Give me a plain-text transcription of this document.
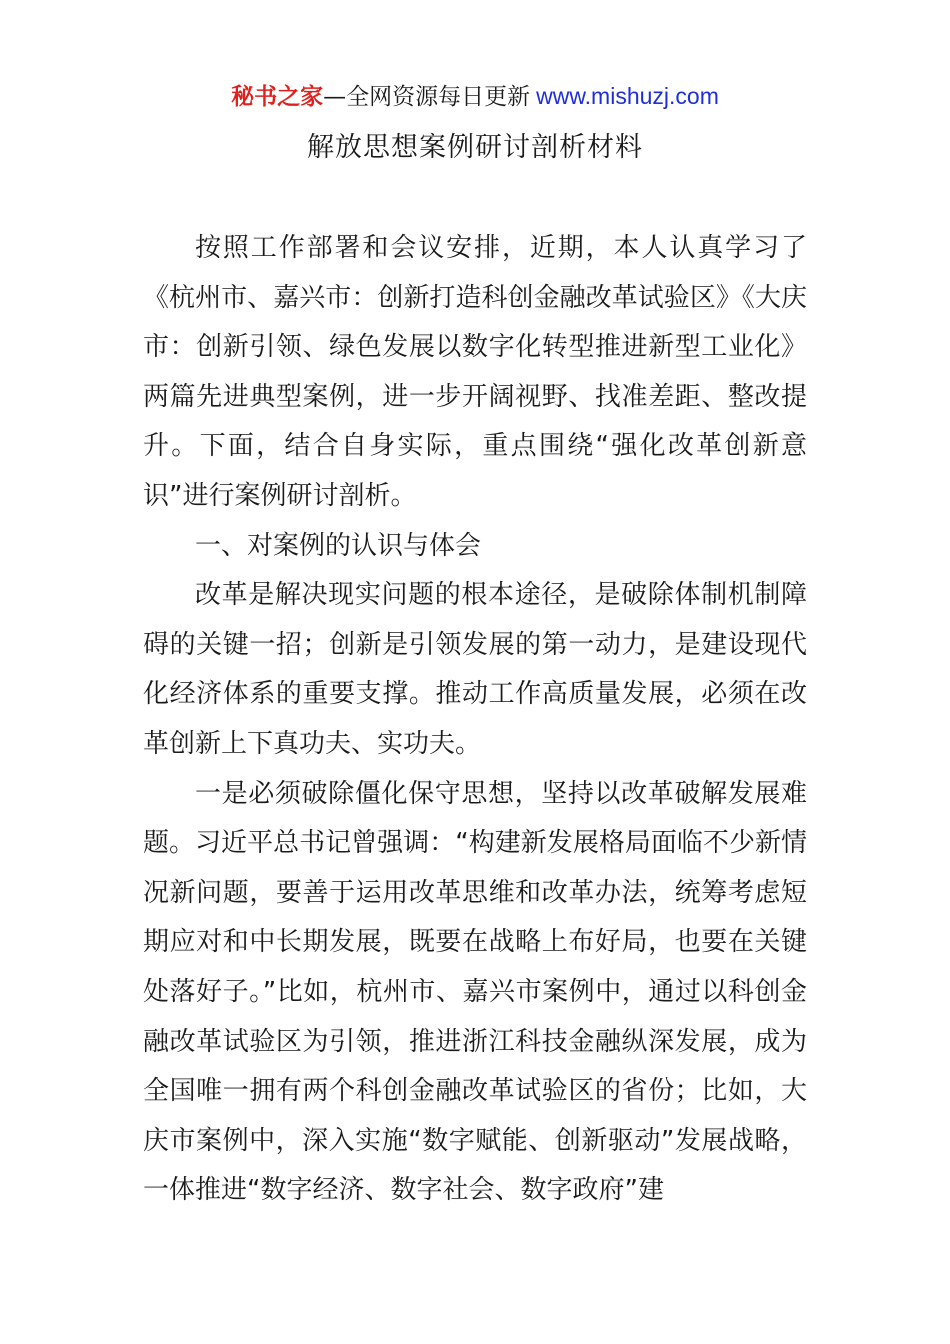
秘书之家—全网资源每日更新 www.mishuzj.com
解放思想案例研讨剖析材料

按照工作部署和会议安排，近期，本人认真学习了《杭州市、嘉兴市：创新打造科创金融改革试验区》《大庆市：创新引领、绿色发展以数字化转型推进新型工业化》两篇先进典型案例，进一步开阔视野、找准差距、整改提升。下面，结合自身实际，重点围绕“强化改革创新意识”进行案例研讨剖析。

一、对案例的认识与体会

改革是解决现实问题的根本途径，是破除体制机制障碍的关键一招；创新是引领发展的第一动力，是建设现代化经济体系的重要支撑。推动工作高质量发展，必须在改革创新上下真功夫、实功夫。

一是必须破除僵化保守思想，坚持以改革破解发展难题。习近平总书记曾强调：“构建新发展格局面临不少新情况新问题，要善于运用改革思维和改革办法，统筹考虑短期应对和中长期发展，既要在战略上布好局，也要在关键处落好子。”比如，杭州市、嘉兴市案例中，通过以科创金融改革试验区为引领，推进浙江科技金融纵深发展，成为全国唯一拥有两个科创金融改革试验区的省份；比如，大庆市案例中，深入实施“数字赋能、创新驱动”发展战略，一体推进“数字经济、数字社会、数字政府”建
